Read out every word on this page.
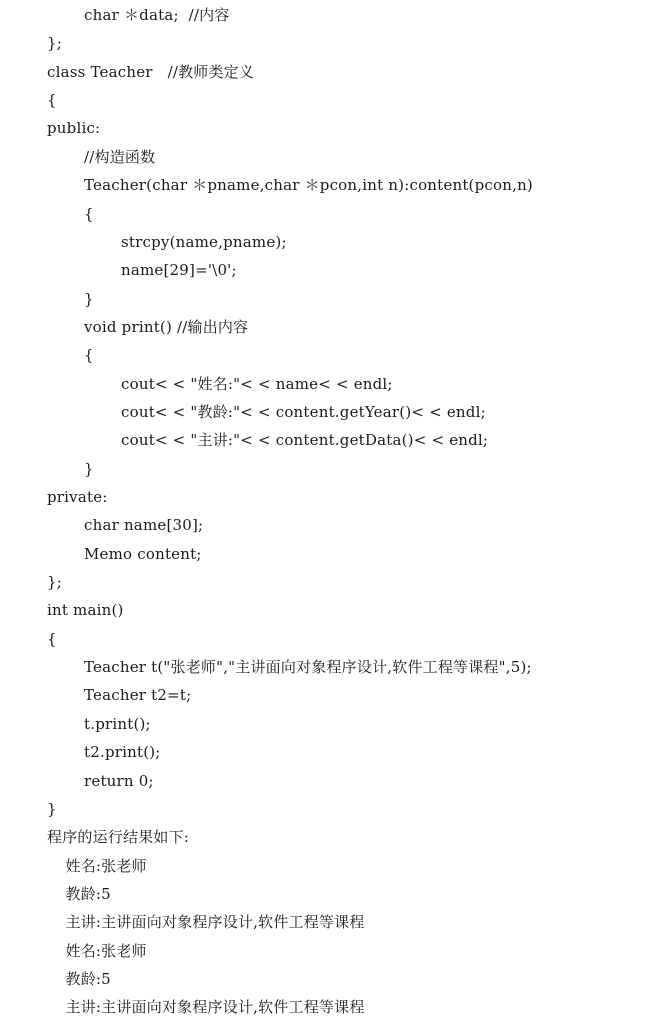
char ＊data;  //内容
};
class Teacher   //教师类定义
{
public:
//构造函数
Teacher(char ＊pname,char ＊pcon,int n):content(pcon,n)
{
strcpy(name,pname);
name[29]='\0';
}
void print() //输出内容
{
cout< < "姓名:"< < name< < endl;
cout< < "教龄:"< < content.getYear()< < endl;
cout< < "主讲:"< < content.getData()< < endl;
}
private:
char name[30];
Memo content;
};
int main()
{
Teacher t("张老师","主讲面向对象程序设计,软件工程等课程",5);
Teacher t2=t;
t.print();
t2.print();
return 0;
}
程序的运行结果如下:
姓名:张老师
教龄:5
主讲:主讲面向对象程序设计,软件工程等课程
姓名:张老师
教龄:5
主讲:主讲面向对象程序设计,软件工程等课程
